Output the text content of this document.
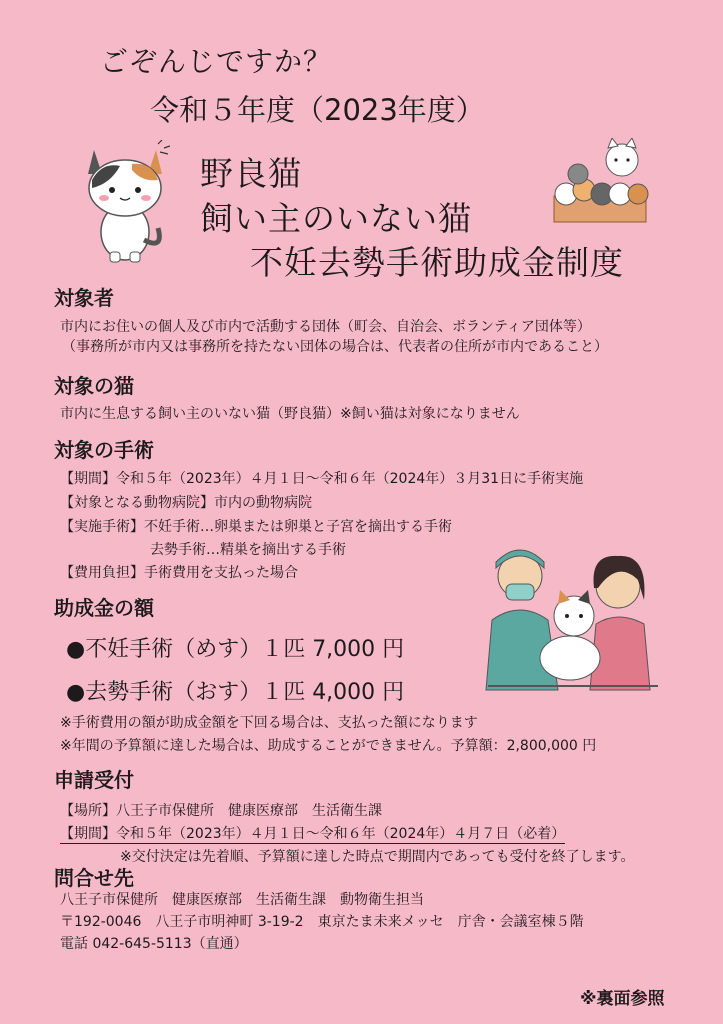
ごぞんじですか？
令和５年度（2023年度）
野良猫
飼い主のいない猫
不妊去勢手術助成金制度
対象者
市内にお住いの個人及び市内で活動する団体（町会、自治会、ボランティア団体等）
（事務所が市内又は事務所を持たない団体の場合は、代表者の住所が市内であること）
対象の猫
市内に生息する飼い主のいない猫（野良猫）※飼い猫は対象になりません
対象の手術
【期間】令和５年（2023年）４月１日～令和６年（2024年）３月31日に手術実施
【対象となる動物病院】市内の動物病院
【実施手術】不妊手術…卵巣または卵巣と子宮を摘出する手術
去勢手術…精巣を摘出する手術
【費用負担】手術費用を支払った場合
助成金の額
●不妊手術（めす）１匹 7,000 円
●去勢手術（おす）１匹 4,000 円
※手術費用の額が助成金額を下回る場合は、支払った額になります
※年間の予算額に達した場合は、助成することができません。予算額：2,800,000 円
申請受付
【場所】八王子市保健所　健康医療部　生活衛生課
【期間】令和５年（2023年）４月１日～令和６年（2024年）４月７日（必着）
※交付決定は先着順、予算額に達した時点で期間内であっても受付を終了します。
問合せ先
八王子市保健所　健康医療部　生活衛生課　動物衛生担当
〒192-0046　八王子市明神町 3-19-2　東京たま未来メッセ　庁舎・会議室棟５階
電話 042-645-5113（直通）
※裏面参照
